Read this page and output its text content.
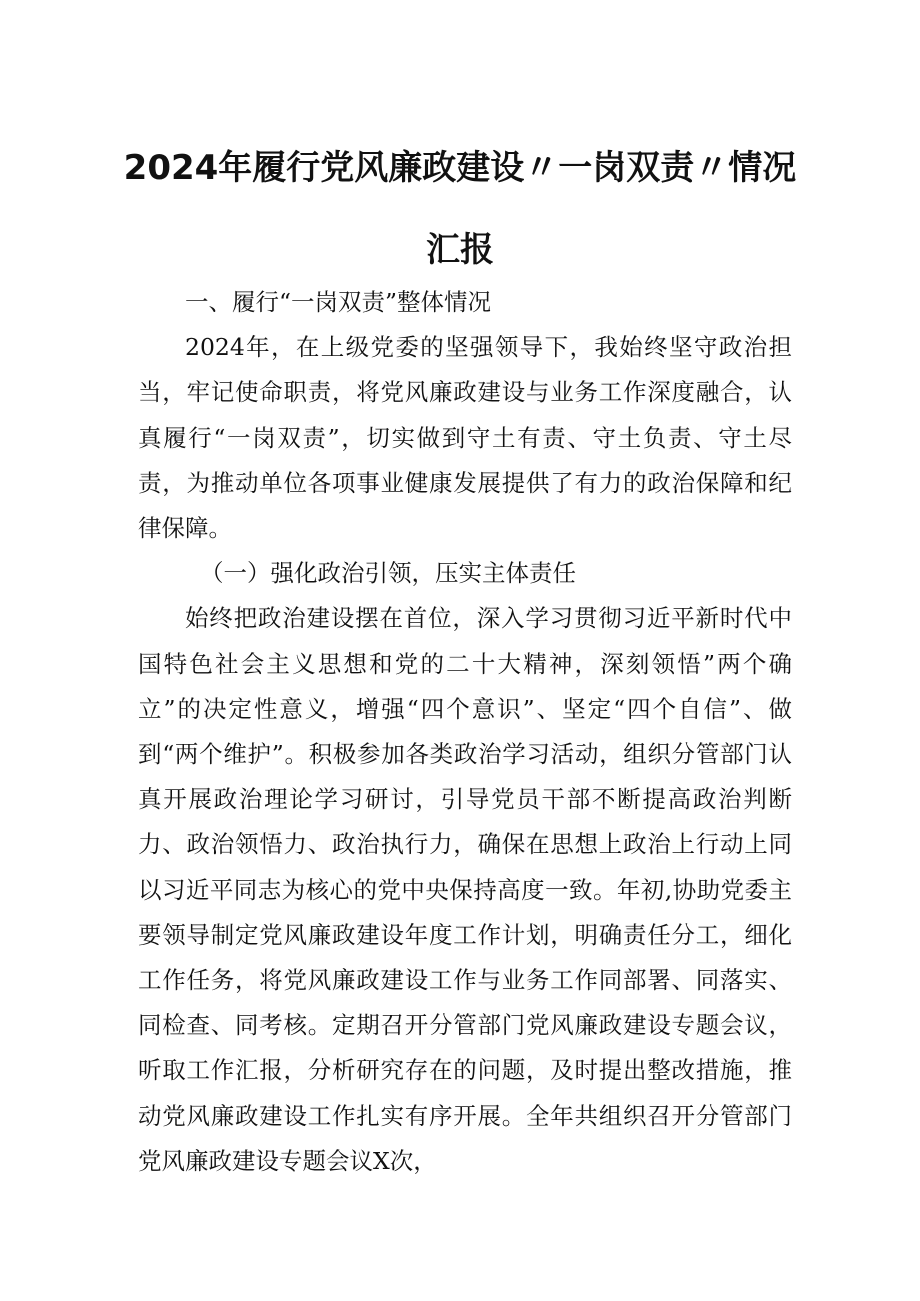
2024年履行党风廉政建设〃一岗双责〃情况
汇报

一、履行“一岗双责”整体情况

2024年，在上级党委的坚强领导下，我始终坚守政治担当，牢记使命职责，将党风廉政建设与业务工作深度融合，认真履行“一岗双责”，切实做到守土有责、守土负责、守土尽责，为推动单位各项事业健康发展提供了有力的政治保障和纪律保障。

（一）强化政治引领，压实主体责任

始终把政治建设摆在首位，深入学习贯彻习近平新时代中国特色社会主义思想和党的二十大精神，深刻领悟”两个确立”的决定性意义，增强“四个意识”、坚定“四个自信”、做到“两个维护”。积极参加各类政治学习活动，组织分管部门认真开展政治理论学习研讨，引导党员干部不断提高政治判断力、政治领悟力、政治执行力，确保在思想上政治上行动上同以习近平同志为核心的党中央保持高度一致。年初,协助党委主要领导制定党风廉政建设年度工作计划，明确责任分工，细化工作任务，将党风廉政建设工作与业务工作同部署、同落实、同检查、同考核。定期召开分管部门党风廉政建设专题会议，听取工作汇报，分析研究存在的问题，及时提出整改措施，推动党风廉政建设工作扎实有序开展。全年共组织召开分管部门党风廉政建设专题会议X次，
